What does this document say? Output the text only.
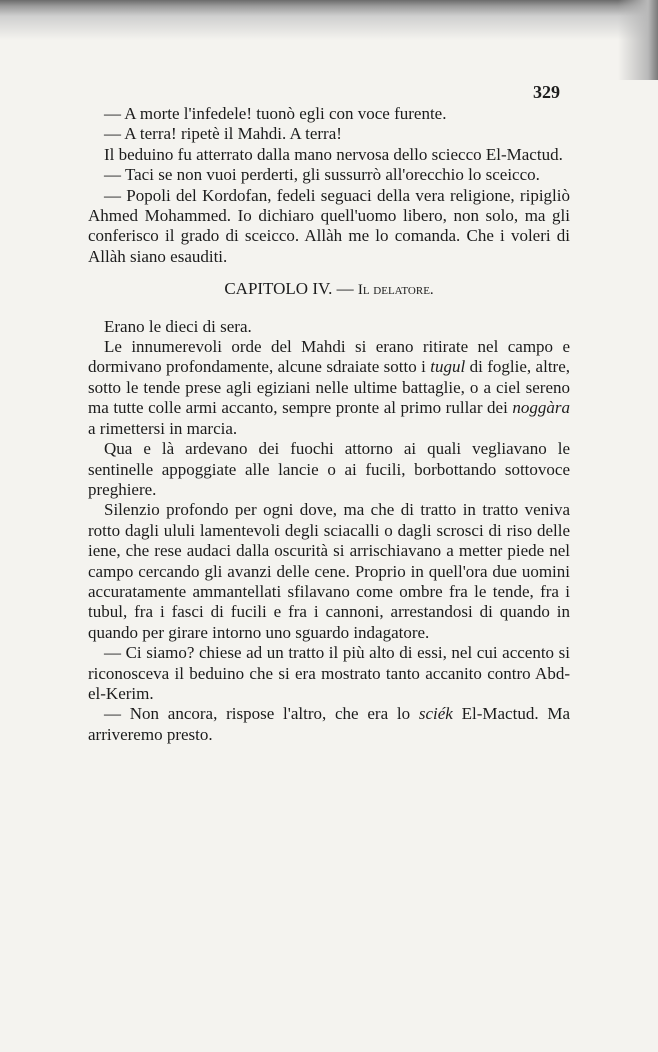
329

— A morte l'infedele! tuonò egli con voce furente.

— A terra! ripetè il Mahdi. A terra!

Il beduino fu atterrato dalla mano nervosa dello sciecco El-Mactud.

— Taci se non vuoi perderti, gli sussurrò all'orecchio lo sceicco.

— Popoli del Kordofan, fedeli seguaci della vera religione, ripigliò Ahmed Mohammed. Io dichiaro quell'uomo libero, non solo, ma gli conferisco il grado di sceicco. Allàh me lo comanda. Che i voleri di Allàh siano esauditi.

CAPITOLO IV. — Il delatore.

Erano le dieci di sera.

Le innumerevoli orde del Mahdi si erano ritirate nel campo e dormivano profondamente, alcune sdraiate sotto i tugul di foglie, altre, sotto le tende prese agli egiziani nelle ultime battaglie, o a ciel sereno ma tutte colle armi accanto, sempre pronte al primo rullar dei noggàra a rimettersi in marcia.

Qua e là ardevano dei fuochi attorno ai quali vegliavano le sentinelle appoggiate alle lancie o ai fucili, borbottando sottovoce preghiere.

Silenzio profondo per ogni dove, ma che di tratto in tratto veniva rotto dagli ululi lamentevoli degli sciacalli o dagli scrosci di riso delle iene, che rese audaci dalla oscurità si arrischiavano a metter piede nel campo cercando gli avanzi delle cene. Proprio in quell'ora due uomini accuratamente ammantellati sfilavano come ombre fra le tende, fra i tubul, fra i fasci di fucili e fra i cannoni, arrestandosi di quando in quando per girare intorno uno sguardo indagatore.

— Ci siamo? chiese ad un tratto il più alto di essi, nel cui accento si riconosceva il beduino che si era mostrato tanto accanito contro Abd-el-Kerim.

— Non ancora, rispose l'altro, che era lo sciék El-Mactud. Ma arriveremo presto.
